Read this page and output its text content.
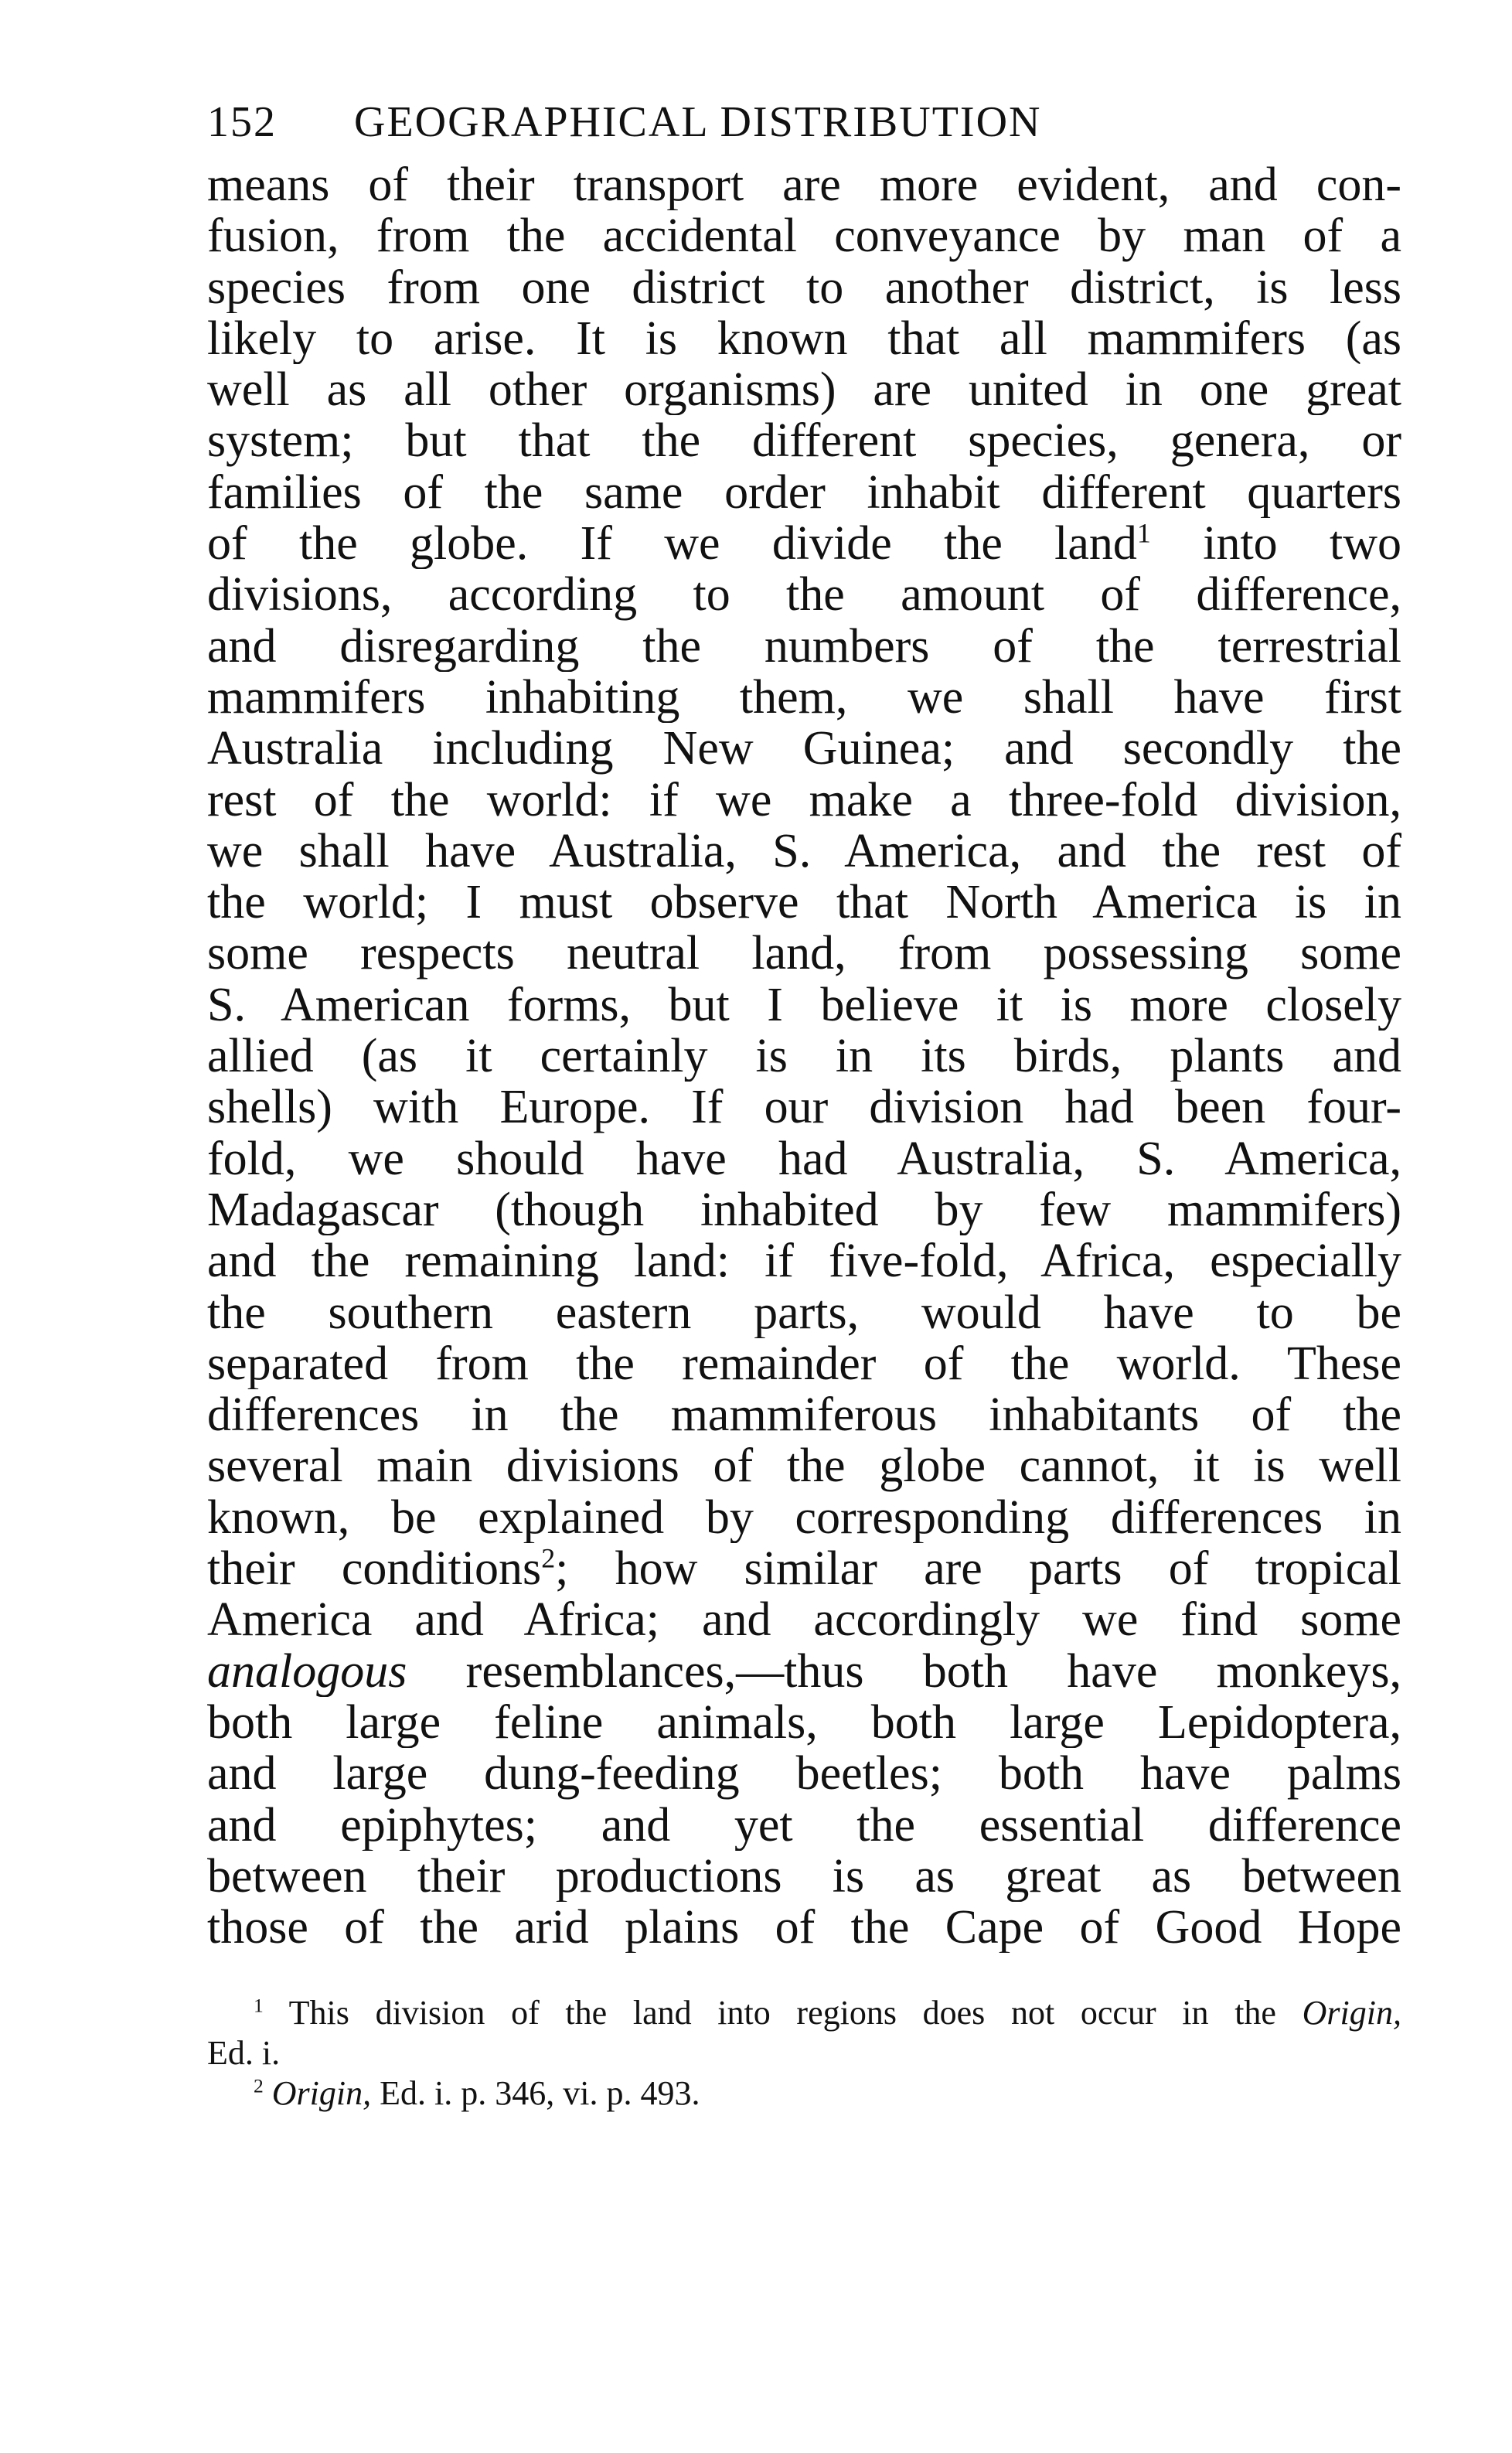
152 GEOGRAPHICAL DISTRIBUTION
means of their transport are more evident, and con-
fusion, from the accidental conveyance by man of a
species from one district to another district, is less
likely to arise. It is known that all mammifers (as
well as all other organisms) are united in one great
system; but that the different species, genera, or
families of the same order inhabit different quarters
of the globe. If we divide the land$^1$ into two
divisions, according to the amount of difference,
and disregarding the numbers of the terrestrial
mammifers inhabiting them, we shall have first
Australia including New Guinea; and secondly the
rest of the world: if we make a three-fold division,
we shall have Australia, S. America, and the rest of
the world; I must observe that North America is in
some respects neutral land, from possessing some
S. American forms, but I believe it is more closely
allied (as it certainly is in its birds, plants and
shells) with Europe. If our division had been four-
fold, we should have had Australia, S. America,
Madagascar (though inhabited by few mammifers)
and the remaining land: if five-fold, Africa, especially
the southern eastern parts, would have to be
separated from the remainder of the world. These
differences in the mammiferous inhabitants of the
several main divisions of the globe cannot, it is well
known, be explained by corresponding differences in
their conditions$^2$; how similar are parts of tropical
America and Africa; and accordingly we find some
analogous resemblances,—thus both have monkeys,
both large feline animals, both large Lepidoptera,
and large dung-feeding beetles; both have palms
and epiphytes; and yet the essential difference
between their productions is as great as between
those of the arid plains of the Cape of Good Hope
$^1$ This division of the land into regions does not occur in the Origin,
Ed. i.
$^2$ Origin, Ed. i. p. 346, vi. p. 493.
